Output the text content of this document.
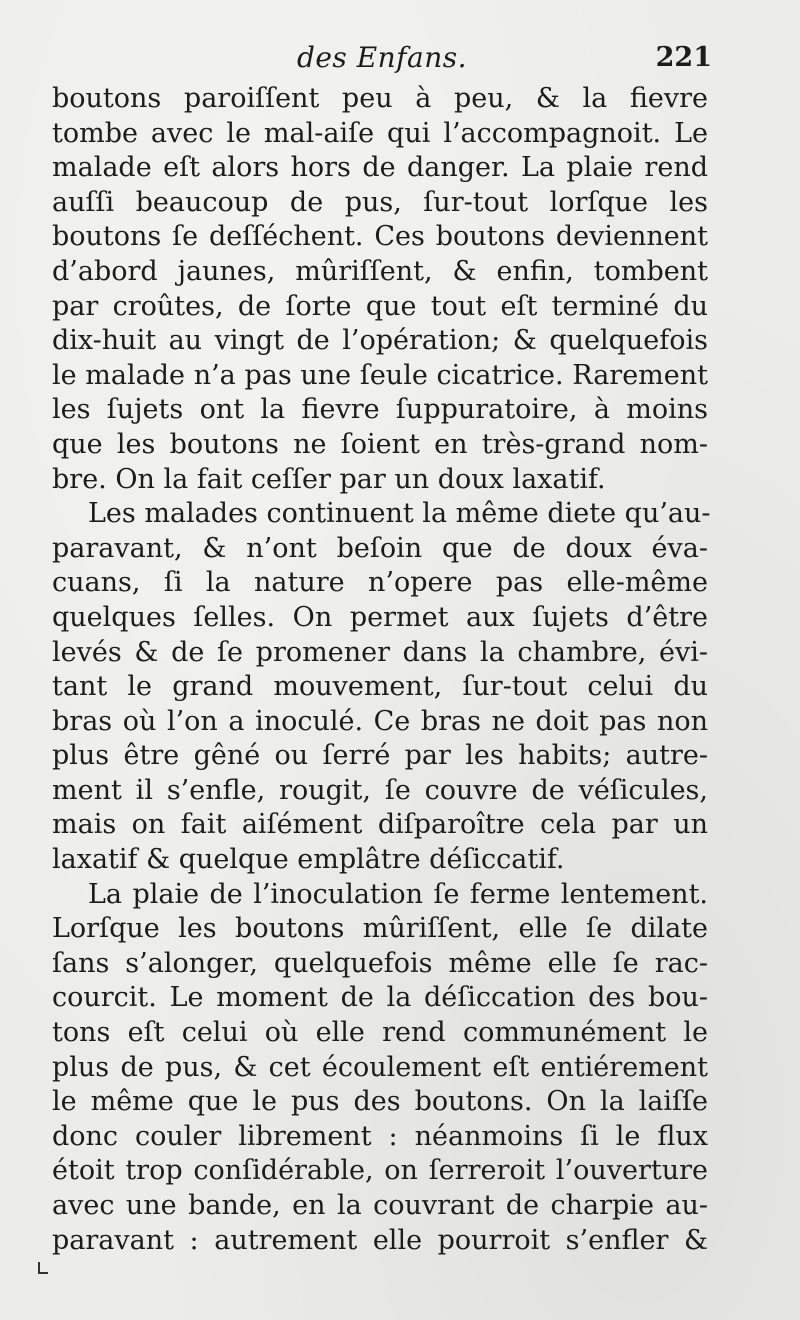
des Enfans.	221
boutons paroiſſent peu à peu, & la fievre
tombe avec le mal-aiſe qui l’accompagnoit. Le
malade eſt alors hors de danger. La plaie rend
auſſi beaucoup de pus, ſur-tout lorſque les
boutons ſe deſſéchent. Ces boutons deviennent
d’abord jaunes, mûriſſent, & enfin, tombent
par croûtes, de ſorte que tout eſt terminé du
dix-huit au vingt de l’opération; & quelquefois
le malade n’a pas une ſeule cicatrice. Rarement
les ſujets ont la fievre ſuppuratoire, à moins
que les boutons ne ſoient en très-grand nom-
bre. On la fait ceſſer par un doux laxatif.
Les malades continuent la même diete qu’au-
paravant, & n’ont beſoin que de doux éva-
cuans, ſi la nature n’opere pas elle-même
quelques ſelles. On permet aux ſujets d’être
levés & de ſe promener dans la chambre, évi-
tant le grand mouvement, ſur-tout celui du
bras où l’on a inoculé. Ce bras ne doit pas non
plus être gêné ou ſerré par les habits; autre-
ment il s’enfle, rougit, ſe couvre de véſicules,
mais on fait aiſément diſparoître cela par un
laxatif & quelque emplâtre déſiccatif.
La plaie de l’inoculation ſe ferme lentement.
Lorſque les boutons mûriſſent, elle ſe dilate
ſans s’alonger, quelquefois même elle ſe rac-
courcit. Le moment de la déſiccation des bou-
tons eſt celui où elle rend communément le
plus de pus, & cet écoulement eſt entiérement
le même que le pus des boutons. On la laiſſe
donc couler librement : néanmoins ſi le flux
étoit trop conſidérable, on ſerreroit l’ouverture
avec une bande, en la couvrant de charpie au-
paravant : autrement elle pourroit s’enfler &
